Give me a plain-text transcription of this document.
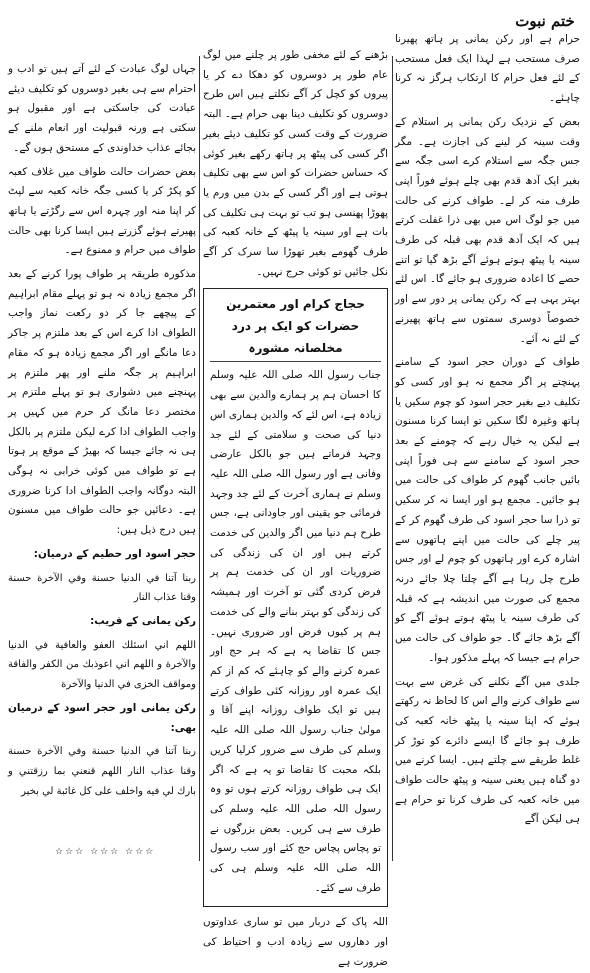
ختم نبوت

حرام ہے اور رکن یمانی پر ہاتھ پھیرنا صرف مستحب ہے لہذا ایک فعل مستحب کے لئے فعل حرام کا ارتکاب ہرگز نہ کرنا چاہئے۔

بعض کے نزدیک رکن یمانی پر استلام کے وقت سینہ کر لینے کی اجازت ہے۔ مگر جس جگہ سے استلام کرے اسی جگہ سے بغیر ایک آدھ قدم بھی چلے ہوئے فوراً اپنی طرف منہ کر لے۔ طواف کرنے کی حالت میں جو لوگ اس میں بھی ذرا غفلت کرتے ہیں کہ ایک آدھ قدم بھی قبلہ کی طرف سینہ یا پیٹھ ہوتے ہوئے آگے بڑھ گیا تو اتنے حصے کا اعادہ ضروری ہو جائے گا۔ اس لئے بہتر یہی ہے کہ رکن یمانی پر دور سے اور خصوصاً دوسری سمتوں سے ہاتھ پھیرنے کے لئے نہ آئے۔

طواف کے دوران حجر اسود کے سامنے پہنچتے پر اگر مجمع نہ ہو اور کسی کو تکلیف دیے بغیر حجر اسود کو چوم سکیں یا ہاتھ وغیرہ لگا سکیں تو ایسا کرنا مسنون ہے لیکن یہ خیال رہے کہ چومنے کے بعد حجر اسود کے سامنے سے ہی فوراً اپنی بائیں جانب گھوم کر طواف کی حالت میں ہو جائیں۔ مجمع ہو اور ایسا نہ کر سکیں تو ذرا سا حجر اسود کی طرف گھوم کر کے پیر چلے کی حالت میں اپنے ہاتھوں سے اشارہ کرے اور ہاتھوں کو چوم لے اور جس طرح چل رہا ہے آگے چلتا چلا جائے درنہ مجمع کی صورت میں اندیشہ ہے کہ قبلہ کی طرف سینہ یا پیٹھ ہوتے ہوئے آگے کو آگے بڑھ جائے گا۔ جو طواف کی حالت میں حرام ہے جیسا کہ پہلے مذکور ہوا۔

جلدی میں آگے نکلنے کی غرض سے بہت سے طواف کرنے والے اس کا لحاظ نہ رکھتے ہوئے کہ اپنا سینہ یا پیٹھ خانہ کعبہ کی طرف ہو جائے گا ایسے دائرے کو توڑ کر غلط طریقے سے چلتے ہیں۔ ایسا کرنے میں دو گناہ ہیں یعنی سینہ و پیٹھ حالت طواف میں خانہ کعبہ کی طرف کرنا تو حرام ہے ہی لیکن آگے

بڑھنے کے لئے مخفی طور پر چلنے میں لوگ عام طور پر دوسروں کو دھکا دے کر یا پیروں کو کچل کر آگے نکلتے ہیں اس طرح دوسروں کو تکلیف دینا بھی حرام ہے۔ البتہ ضرورت کے وقت کسی کو تکلیف دیئے بغیر اگر کسی کی پیٹھ پر ہاتھ رکھے بغیر کوئی کہ حساس حضرات کو اس سے بھی تکلیف ہوتی ہے اور اگر کسی کے بدن میں ورم یا پھوڑا پھنسی ہو تب تو بہت ہی تکلیف کی بات ہے اور سینہ یا پیٹھ کے خانہ کعبہ کی طرف گھومے بغیر تھوڑا سا سرک کر آگے نکل جائیں تو کوئی حرج نہیں۔

حجاج کرام اور معتمرین حضرات کو ایک پر درد مخلصانہ مشورہ

جناب رسول اللہ صلی اللہ علیہ وسلم کا احسان ہم پر ہمارے والدین سے بھی زیادہ ہے، اس لئے کہ والدین ہماری اس دنیا کی صحت و سلامتی کے لئے جد وجہد فرماتے ہیں جو بالکل عارضی وفانی ہے اور رسول اللہ صلی اللہ علیہ وسلم نے ہماری آخرت کے لئے جد وجہد فرمائی جو یقینی اور جاودانی ہے، جس طرح ہم دنیا میں اگر والدین کی خدمت کرتے ہیں اور ان کی زندگی کی ضروریات اور ان کی خدمت ہم پر فرض کردی گئی تو آخرت اور ہمیشہ کی زندگی کو بہتر بنانے والے کی خدمت ہم پر کیوں فرض اور ضروری نہیں۔ جس کا تقاضا یہ ہے کہ ہر حج اور عمرہ کرنے والے کو چاہئے کہ کم از کم ایک عمرہ اور روزانہ کئی طواف کرتے ہیں تو ایک طواف روزانہ اپنے آقا و مولیٰ جناب رسول اللہ صلی اللہ علیہ وسلم کی طرف سے ضرور کرلیا کریں بلکہ محبت کا تقاضا تو یہ ہے کہ اگر ایک ہی طواف روزانہ کرتے ہوں تو وہ رسول اللہ صلی اللہ علیہ وسلم کی طرف سے ہی کریں۔ بعض بزرگوں نے تو پچاس پچاس حج کئے اور سب رسول اللہ صلی اللہ علیہ وسلم ہی کی طرف سے کئے۔

اللہ پاک کے دربار میں تو ساری عداوتوں اور دھاروں سے زیادہ ادب و احتیاط کی ضرورت ہے

جہاں لوگ عبادت کے لئے آتے ہیں تو ادب و احترام سے ہی بغیر دوسروں کو تکلیف دیئے عبادت کی جاسکتی ہے اور مقبول ہو سکتی ہے ورنہ قبولیت اور انعام ملنے کے بجائے عذاب خداوندی کے مستحق ہوں گے۔

بعض حضرات حالت طواف میں غلاف کعبہ کو پکڑ کر یا کسی جگہ خانہ کعبہ سے لپٹ کر اپنا منہ اور چہرہ اس سے رگڑتے یا ہاتھ پھیرتے ہوئے گزرتے ہیں ایسا کرنا بھی حالت طواف میں حرام و ممنوع ہے۔

مذکورہ طریقہ پر طواف پورا کرنے کے بعد اگر مجمع زیادہ نہ ہو تو پہلے مقام ابراہیم کے پیچھے جا کر دو رکعت نماز واجب الطواف ادا کرے اس کے بعد ملتزم پر جاکر دعا مانگے اور اگر مجمع زیادہ ہو کہ مقام ابراہیم پر جگہ ملنے اور پھر ملتزم پر پہنچنے میں دشواری ہو تو پہلے ملتزم پر مختصر دعا مانگ کر حرم میں کہیں پر واجب الطواف ادا کرے لیکن ملتزم پر بالکل ہی نہ جائے جیسا کہ بھیڑ کے موقع پر ہوتا ہے تو طواف میں کوئی خرابی نہ ہوگی البتہ دوگانہ واجب الطواف ادا کرنا ضروری ہے۔ دعائیں جو حالت طواف میں مسنون ہیں درج ذیل ہیں:

حجر اسود اور حطیم کے درمیان:

ربنا آتنا في الدنيا حسنة وفي الآخرة حسنة وقنا عذاب النار

رکن یمانی کے قریب:

اللهم اني اسئلك العفو والعافية في الدنيا والآخرة و اللهم اني اعوذبك من الكفر والفاقة ومواقف الخزى في الدنيا والآخرة

رکن یمانی اور حجر اسود کے درمیان بھی:

ربنا آتنا في الدنيا حسنة وفي الآخرة حسنة وقنا عذاب النار اللهم قنعني بما رزقتني و بارك لي فيه واخلف على كل غائبة لي بخير

☆☆☆ ☆☆☆ ☆☆☆
